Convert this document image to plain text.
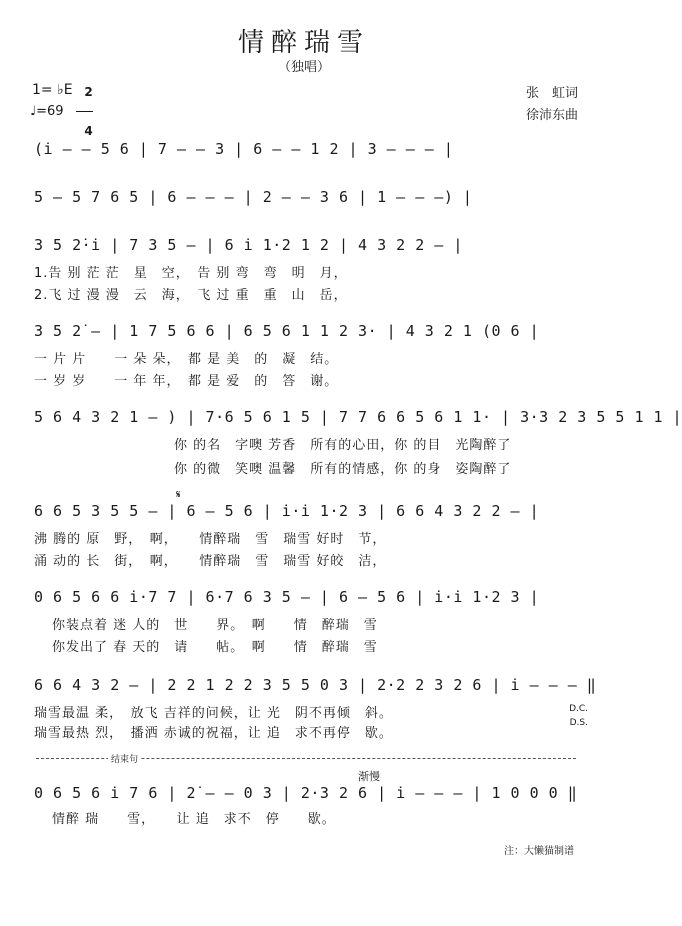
情醉瑞雪
（独唱）
1= ♭E 2

4

♩=69
张　虹词
徐沛东曲

(i̇ – – 5 6 | 7 – – 3 | 6 – – 1 2 | 3 – – – |

5 – 5 7 6 5 | 6 – – – | 2 – – 3 6 | 1 – – –) |

3 5 2̇·i̇ | 7 3 5 – | 6 i̇ 1·2 1 2 | 4 3 2 2 – |

1.告 别 茫 茫　星　空，　告 别 弯　弯　明　月，
2.飞 过 漫 漫　云　海，　飞 过 重　重　山　岳，

3 5 2̇ – | 1 7 5 6 6 | 6 5 6 1 1 2 3· | 4 3 2 1 (0 6 |

一 片 片　　一 朵 朵，　都 是 美　的　凝　结。
一 岁 岁　　一 年 年，　都 是 爱　的　答　谢。

5 6 4 3 2 1 – ) | 7·6 5 6 1 5 | 7 7 6 6 5 6 1 1· | 3·3 2 3 5 5 1 1 |

你 的名　字噢 芳香　所有的心田，你 的目　光陶醉了
你 的微　笑噢 温馨　所有的情感，你 的身　姿陶醉了
𝄋

6 6 5 3 5 5 – | 6 – 5 6 | i̇·i̇ 1·2 3 | 6 6 4 3 2 2 – |

沸 腾的 原　野，　啊，　　情醉瑞　雪　瑞雪 好时　节，
涌 动的 长　街，　啊，　　情醉瑞　雪　瑞雪 好皎　洁，

0 6 5 6 6 i̇·7 7 | 6·7 6 3 5 – | 6 – 5 6 | i̇·i̇ 1·2 3 |

你装点着 迷 人的　世　　界。　啊　　情　醉瑞　雪
你发出了 春 天的　请　　帖。　啊　　情　醉瑞　雪

6 6 4 3 2 – | 2 2 1 2 2 3 5 5 0 3 | 2·2 2 3 2 6 | i̇ – – – ‖

瑞雪最温 柔，　放飞 吉祥的问候，让 光　阴不再倾　斜。
瑞雪最热 烈，　播洒 赤诚的祝福，让 追　求不再停　歇。
D.C.
D.S.
结束句
渐慢

0 6 5 6 i̇ 7 6 | 2̇ – – 0 3 | 2·3 2 6 | i̇ – – – | 1 0 0 0 ‖

情醉 瑞　　雪，　　让 追　求不　停　　歇。
注：大懒猫制谱
